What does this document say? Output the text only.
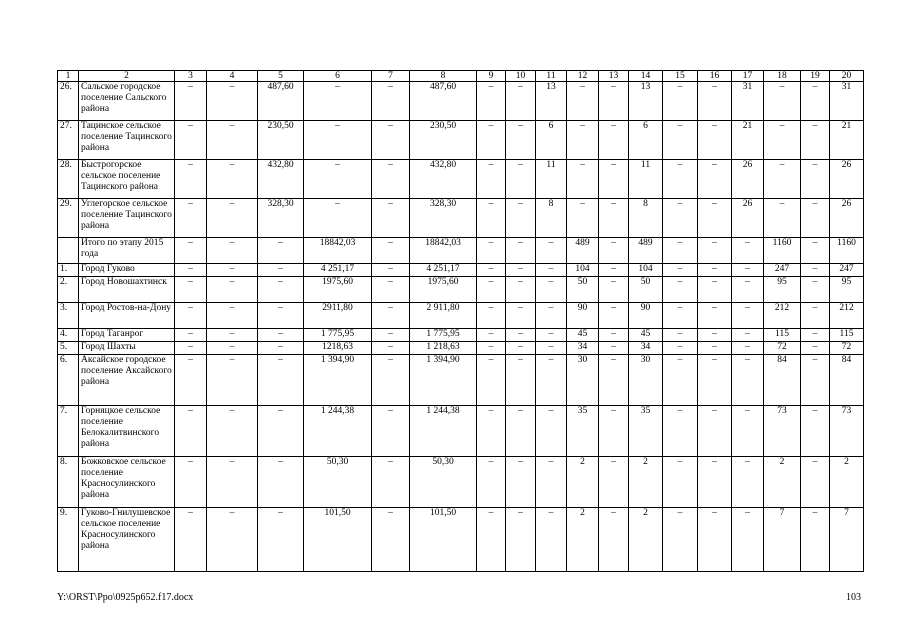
1	2	3	4	5	6	7	8	9	10	11	12	13	14	15	16	17	18	19	20
26.	Сальское городское поселение Сальского района	–	–	487,60	–	–	487,60	–	–	13	–	–	13	–	–	31	–	–	31
27.	Тацинское сельское поселение Тацинского района	–	–	230,50	–	–	230,50	–	–	6	–	–	6	–	–	21	–	–	21
28.	Быстрогорское сельское поселение Тацинского района	–	–	432,80	–	–	432,80	–	–	11	–	–	11	–	–	26	–	–	26
29.	Углегорское сельское поселение Тацинского района	–	–	328,30	–	–	328,30	–	–	8	–	–	8	–	–	26	–	–	26
	Итого по этапу 2015 года	–	–	–	18842,03	–	18842,03	–	–	–	489	–	489	–	–	–	1160	–	1160
1.	Город Гуково	–	–	–	4 251,17	–	4 251,17	–	–	–	104	–	104	–	–	–	247	–	247
2.	Город Новошахтинск	–	–	–	1975,60	–	1975,60	–	–	–	50	–	50	–	–	–	95	–	95
3.	Город Ростов-на-Дону	–	–	–	2911,80	–	2 911,80	–	–	–	90	–	90	–	–	–	212	–	212
4.	Город Таганрог	–	–	–	1 775,95	–	1 775,95	–	–	–	45	–	45	–	–	–	115	–	115
5.	Город Шахты	–	–	–	1218,63	–	1 218,63	–	–	–	34	–	34	–	–	–	72	–	72
6.	Аксайское городское поселение Аксайского района	–	–	–	1 394,90	–	1 394,90	–	–	–	30	–	30	–	–	–	84	–	84
7.	Горняцкое сельское поселение Белокалитвинского района	–	–	–	1 244,38	–	1 244,38	–	–	–	35	–	35	–	–	–	73	–	73
8.	Божковское сельское поселение Красносулинского района	–	–	–	50,30	–	50,30	–	–	–	2	–	2	–	–	–	2	–	2
9.	Гуково-Гнилушевское сельское поселение Красносулинского района	–	–	–	101,50	–	101,50	–	–	–	2	–	2	–	–	–	7	–	7
Y:\ORST\Ppo\0925p652.f17.docx	103
